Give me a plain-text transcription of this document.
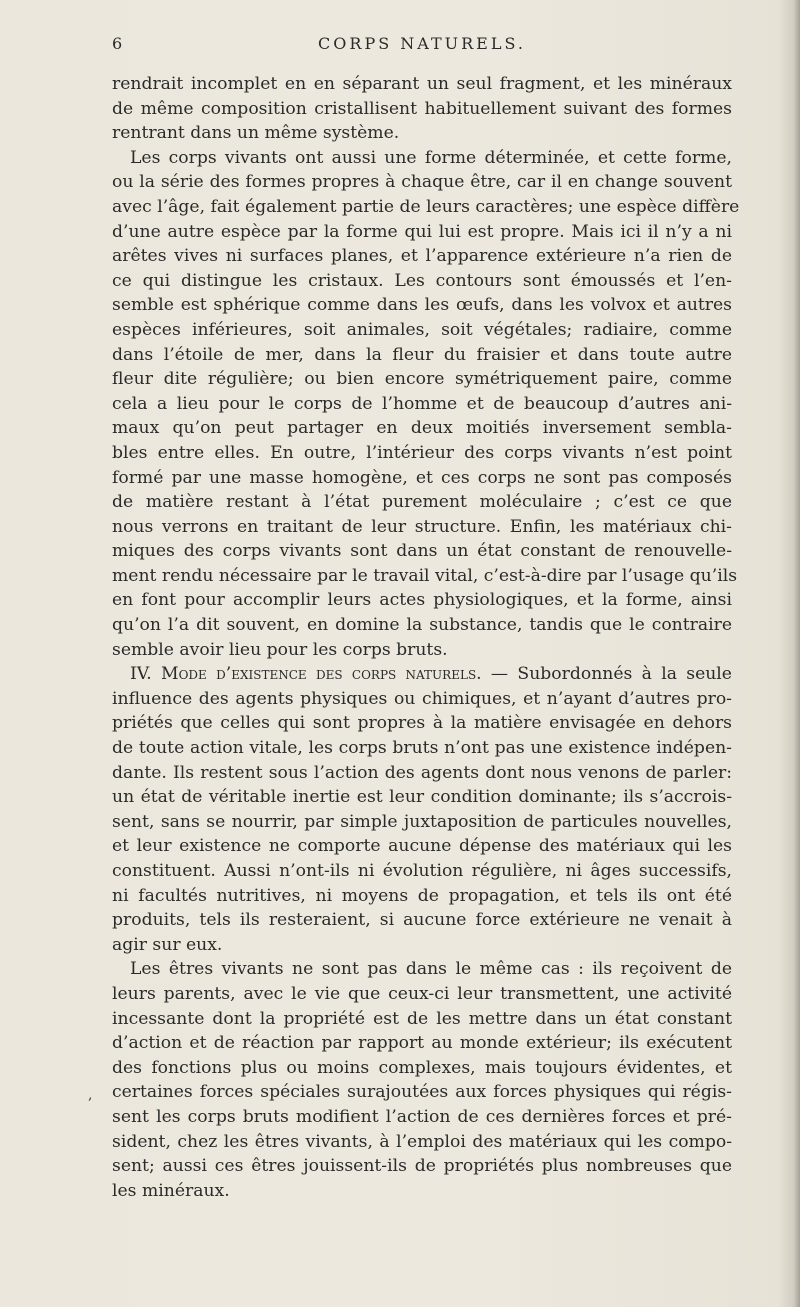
6	CORPS NATURELS.
,
rendrait incomplet en en séparant un seul fragment, et les minéraux
de même composition cristallisent habituellement suivant des formes
rentrant dans un même système.
Les corps vivants ont aussi une forme déterminée, et cette forme,
ou la série des formes propres à chaque être, car il en change souvent
avec l’âge, fait également partie de leurs caractères; une espèce diffère
d’une autre espèce par la forme qui lui est propre. Mais ici il n’y a ni
arêtes vives ni surfaces planes, et l’apparence extérieure n’a rien de
ce qui distingue les cristaux. Les contours sont émoussés et l’en-
semble est sphérique comme dans les œufs, dans les volvox et autres
espèces inférieures, soit animales, soit végétales; radiaire, comme
dans l’étoile de mer, dans la fleur du fraisier et dans toute autre
fleur dite régulière; ou bien encore symétriquement paire, comme
cela a lieu pour le corps de l’homme et de beaucoup d’autres ani-
maux qu’on peut partager en deux moitiés inversement sembla-
bles entre elles. En outre, l’intérieur des corps vivants n’est point
formé par une masse homogène, et ces corps ne sont pas composés
de matière restant à l’état purement moléculaire ; c’est ce que
nous verrons en traitant de leur structure. Enfin, les matériaux chi-
miques des corps vivants sont dans un état constant de renouvelle-
ment rendu nécessaire par le travail vital, c’est-à-dire par l’usage qu’ils
en font pour accomplir leurs actes physiologiques, et la forme, ainsi
qu’on l’a dit souvent, en domine la substance, tandis que le contraire
semble avoir lieu pour les corps bruts.
IV. Mode d’existence des corps naturels. — Subordonnés à la seule
influence des agents physiques ou chimiques, et n’ayant d’autres pro-
priétés que celles qui sont propres à la matière envisagée en dehors
de toute action vitale, les corps bruts n’ont pas une existence indépen-
dante. Ils restent sous l’action des agents dont nous venons de parler:
un état de véritable inertie est leur condition dominante; ils s’accrois-
sent, sans se nourrir, par simple juxtaposition de particules nouvelles,
et leur existence ne comporte aucune dépense des matériaux qui les
constituent. Aussi n’ont-ils ni évolution régulière, ni âges successifs,
ni facultés nutritives, ni moyens de propagation, et tels ils ont été
produits, tels ils resteraient, si aucune force extérieure ne venait à
agir sur eux.
Les êtres vivants ne sont pas dans le même cas : ils reçoivent de
leurs parents, avec le vie que ceux-ci leur transmettent, une activité
incessante dont la propriété est de les mettre dans un état constant
d’action et de réaction par rapport au monde extérieur; ils exécutent
des fonctions plus ou moins complexes, mais toujours évidentes, et
certaines forces spéciales surajoutées aux forces physiques qui régis-
sent les corps bruts modifient l’action de ces dernières forces et pré-
sident, chez les êtres vivants, à l’emploi des matériaux qui les compo-
sent; aussi ces êtres jouissent-ils de propriétés plus nombreuses que
les minéraux.
